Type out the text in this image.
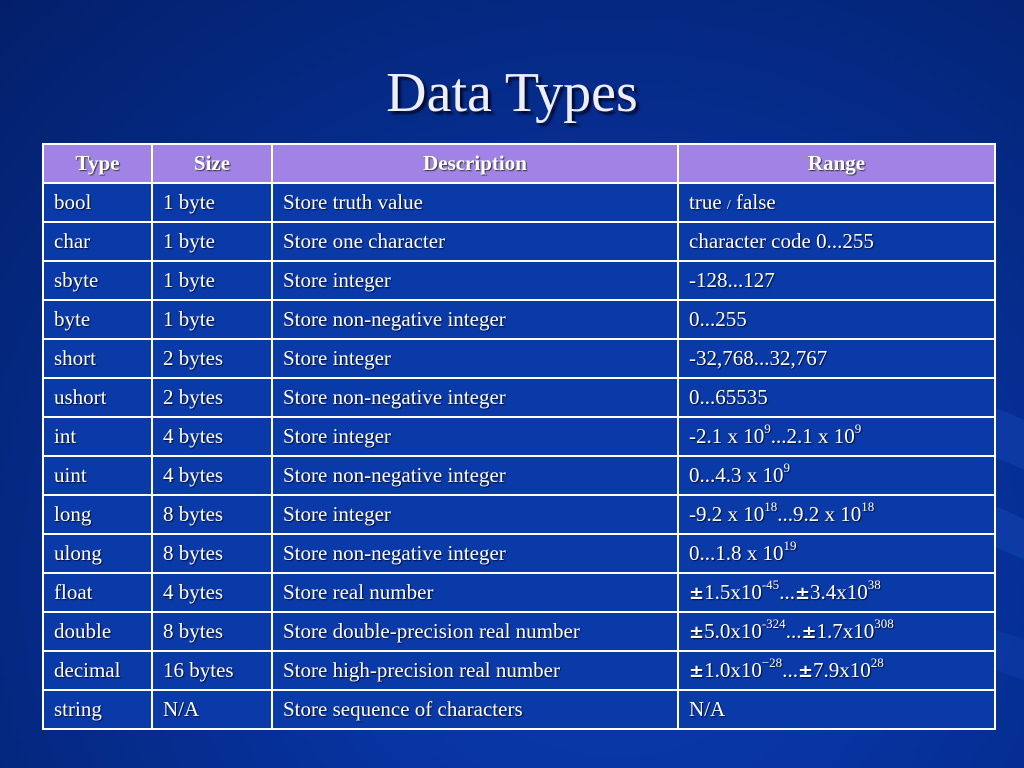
Data Types
Type	Size	Description	Range
bool	1 byte	Store truth value	true / false
char	1 byte	Store one character	character code 0...255
sbyte	1 byte	Store integer	-128...127
byte	1 byte	Store non-negative integer	0...255
short	2 bytes	Store integer	-32,768...32,767
ushort	2 bytes	Store non-negative integer	0...65535
int	4 bytes	Store integer	-2.1 x $10^9...2.1$ x $10^9$
uint	4 bytes	Store non-negative integer	0...4.3 x $10^9$
long	8 bytes	Store integer	-9.2 x $10^{18}...9.2$ x $10^{18}$
ulong	8 bytes	Store non-negative integer	0...1.8 x $10^{19}$
float	4 bytes	Store real number	$\pm 1.5x10^{-45}...\pm 3.4x10^{38}$
double	8 bytes	Store double-precision real number	$\pm 5.0x10^{-324}...\pm 1.7x10^{308}$
decimal	16 bytes	Store high-precision real number	$\pm 1.0x10^{-28}...\pm 7.9x10^{28}$
string	N/A	Store sequence of characters	N/A
